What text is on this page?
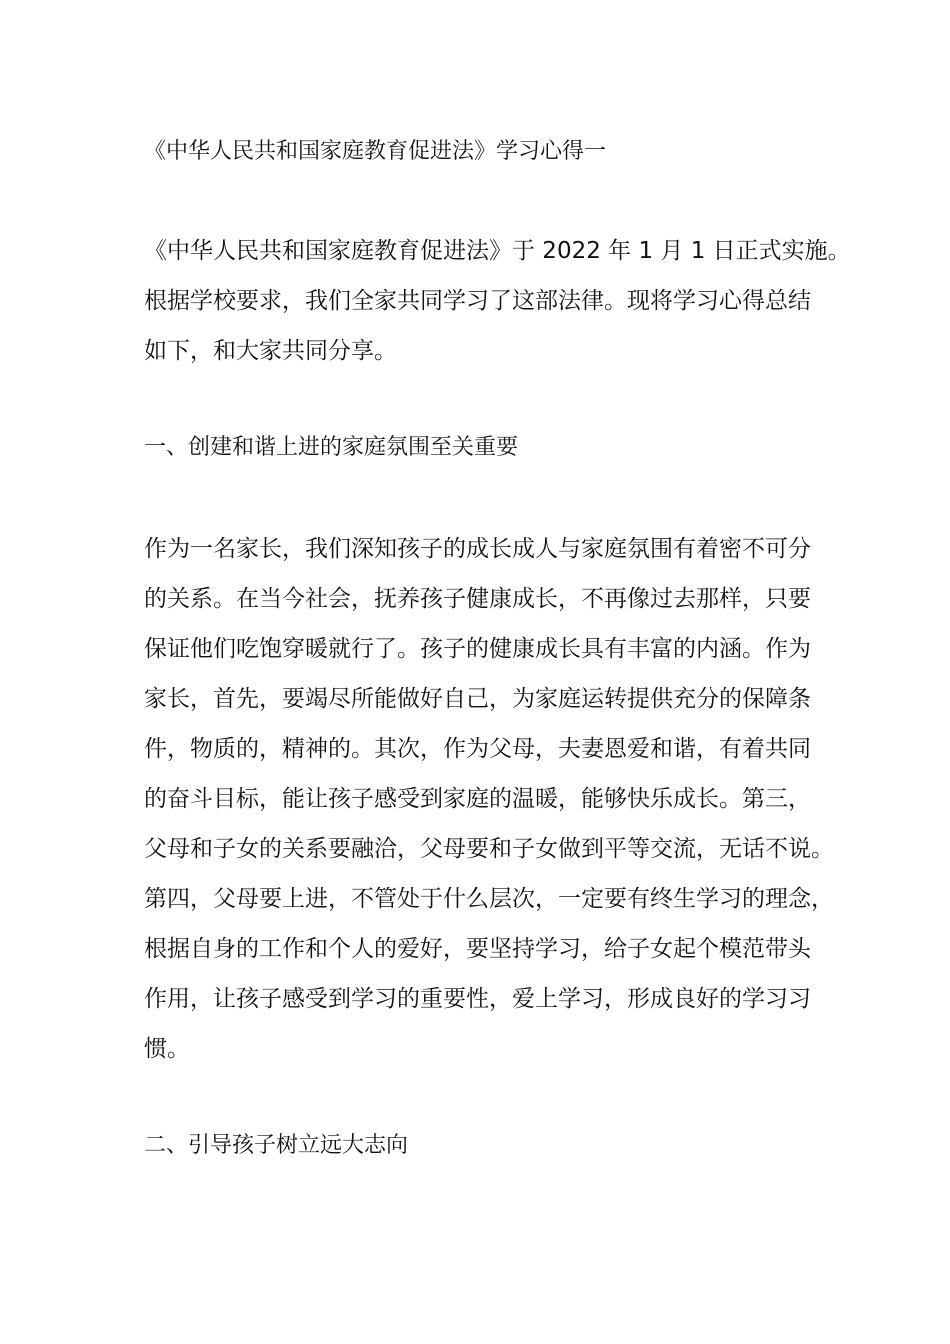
《中华人民共和国家庭教育促进法》学习心得一
《中华人民共和国家庭教育促进法》于 2022 年 1 月 1 日正式实施。
根据学校要求，我们全家共同学习了这部法律。现将学习心得总结
如下，和大家共同分享。
一、创建和谐上进的家庭氛围至关重要
作为一名家长，我们深知孩子的成长成人与家庭氛围有着密不可分
的关系。在当今社会，抚养孩子健康成长，不再像过去那样，只要
保证他们吃饱穿暖就行了。孩子的健康成长具有丰富的内涵。作为
家长，首先，要竭尽所能做好自己，为家庭运转提供充分的保障条
件，物质的，精神的。其次，作为父母，夫妻恩爱和谐，有着共同
的奋斗目标，能让孩子感受到家庭的温暖，能够快乐成长。第三，
父母和子女的关系要融洽，父母要和子女做到平等交流，无话不说。
第四，父母要上进，不管处于什么层次，一定要有终生学习的理念，
根据自身的工作和个人的爱好，要坚持学习，给子女起个模范带头
作用，让孩子感受到学习的重要性，爱上学习，形成良好的学习习
惯。
二、引导孩子树立远大志向
